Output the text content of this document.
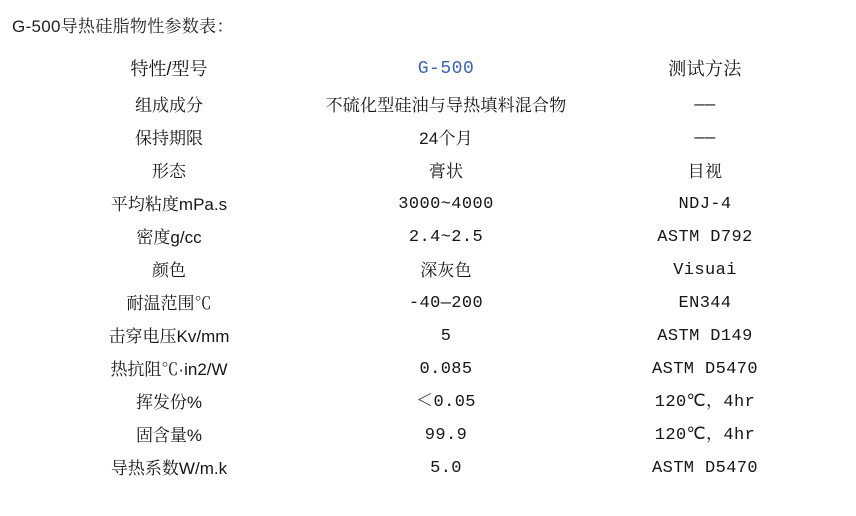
G-500导热硅脂物性参数表：
特性/型号	G-500	测试方法
组成成分	不硫化型硅油与导热填料混合物	——
保持期限	24个月	——
形态	膏状	目视
平均粘度mPa.s	3000~4000	NDJ-4
密度g/cc	2.4~2.5	ASTM D792
颜色	深灰色	Visuai
耐温范围℃	-40—200	EN344
击穿电压Kv/mm	5	ASTM D149
热抗阻℃·in2/W	0.085	ASTM D5470
挥发份%	＜0.05	120℃，4hr
固含量%	99.9	120℃，4hr
导热系数W/m.k	5.0	ASTM D5470
